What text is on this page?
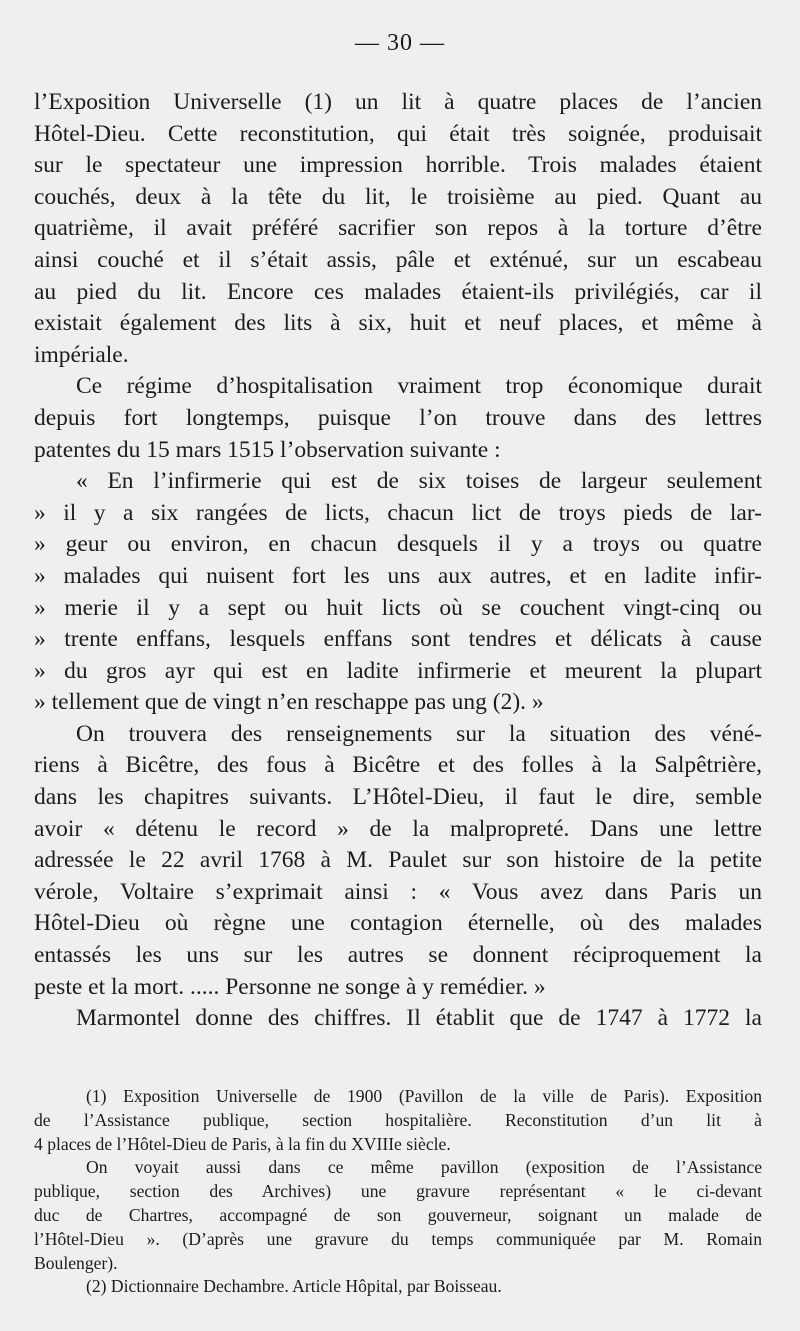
— 30 —
l’Exposition Universelle (1) un lit à quatre places de l’ancien
Hôtel-Dieu. Cette reconstitution, qui était très soignée, produisait
sur le spectateur une impression horrible. Trois malades étaient
couchés, deux à la tête du lit, le troisième au pied. Quant au
quatrième, il avait préféré sacrifier son repos à la torture d’être
ainsi couché et il s’était assis, pâle et exténué, sur un escabeau
au pied du lit. Encore ces malades étaient-ils privilégiés, car il
existait également des lits à six, huit et neuf places, et même à
impériale.
Ce régime d’hospitalisation vraiment trop économique durait
depuis fort longtemps, puisque l’on trouve dans des lettres
patentes du 15 mars 1515 l’observation suivante :
« En l’infirmerie qui est de six toises de largeur seulement
» il y a six rangées de licts, chacun lict de troys pieds de lar-
» geur ou environ, en chacun desquels il y a troys ou quatre
» malades qui nuisent fort les uns aux autres, et en ladite infir-
» merie il y a sept ou huit licts où se couchent vingt-cinq ou
» trente enffans, lesquels enffans sont tendres et délicats à cause
» du gros ayr qui est en ladite infirmerie et meurent la plupart
» tellement que de vingt n’en reschappe pas ung (2). »
On trouvera des renseignements sur la situation des véné-
riens à Bicêtre, des fous à Bicêtre et des folles à la Salpêtrière,
dans les chapitres suivants. L’Hôtel-Dieu, il faut le dire, semble
avoir « détenu le record » de la malpropreté. Dans une lettre
adressée le 22 avril 1768 à M. Paulet sur son histoire de la petite
vérole, Voltaire s’exprimait ainsi : « Vous avez dans Paris un
Hôtel-Dieu où règne une contagion éternelle, où des malades
entassés les uns sur les autres se donnent réciproquement la
peste et la mort. ..... Personne ne songe à y remédier. »
Marmontel donne des chiffres. Il établit que de 1747 à 1772 la
(1) Exposition Universelle de 1900 (Pavillon de la ville de Paris). Exposition
de l’Assistance publique, section hospitalière. Reconstitution d’un lit à
4 places de l’Hôtel-Dieu de Paris, à la fin du XVIIIe siècle.
On voyait aussi dans ce même pavillon (exposition de l’Assistance
publique, section des Archives) une gravure représentant « le ci-devant
duc de Chartres, accompagné de son gouverneur, soignant un malade de
l’Hôtel-Dieu ». (D’après une gravure du temps communiquée par M. Romain
Boulenger).
(2) Dictionnaire Dechambre. Article Hôpital, par Boisseau.
